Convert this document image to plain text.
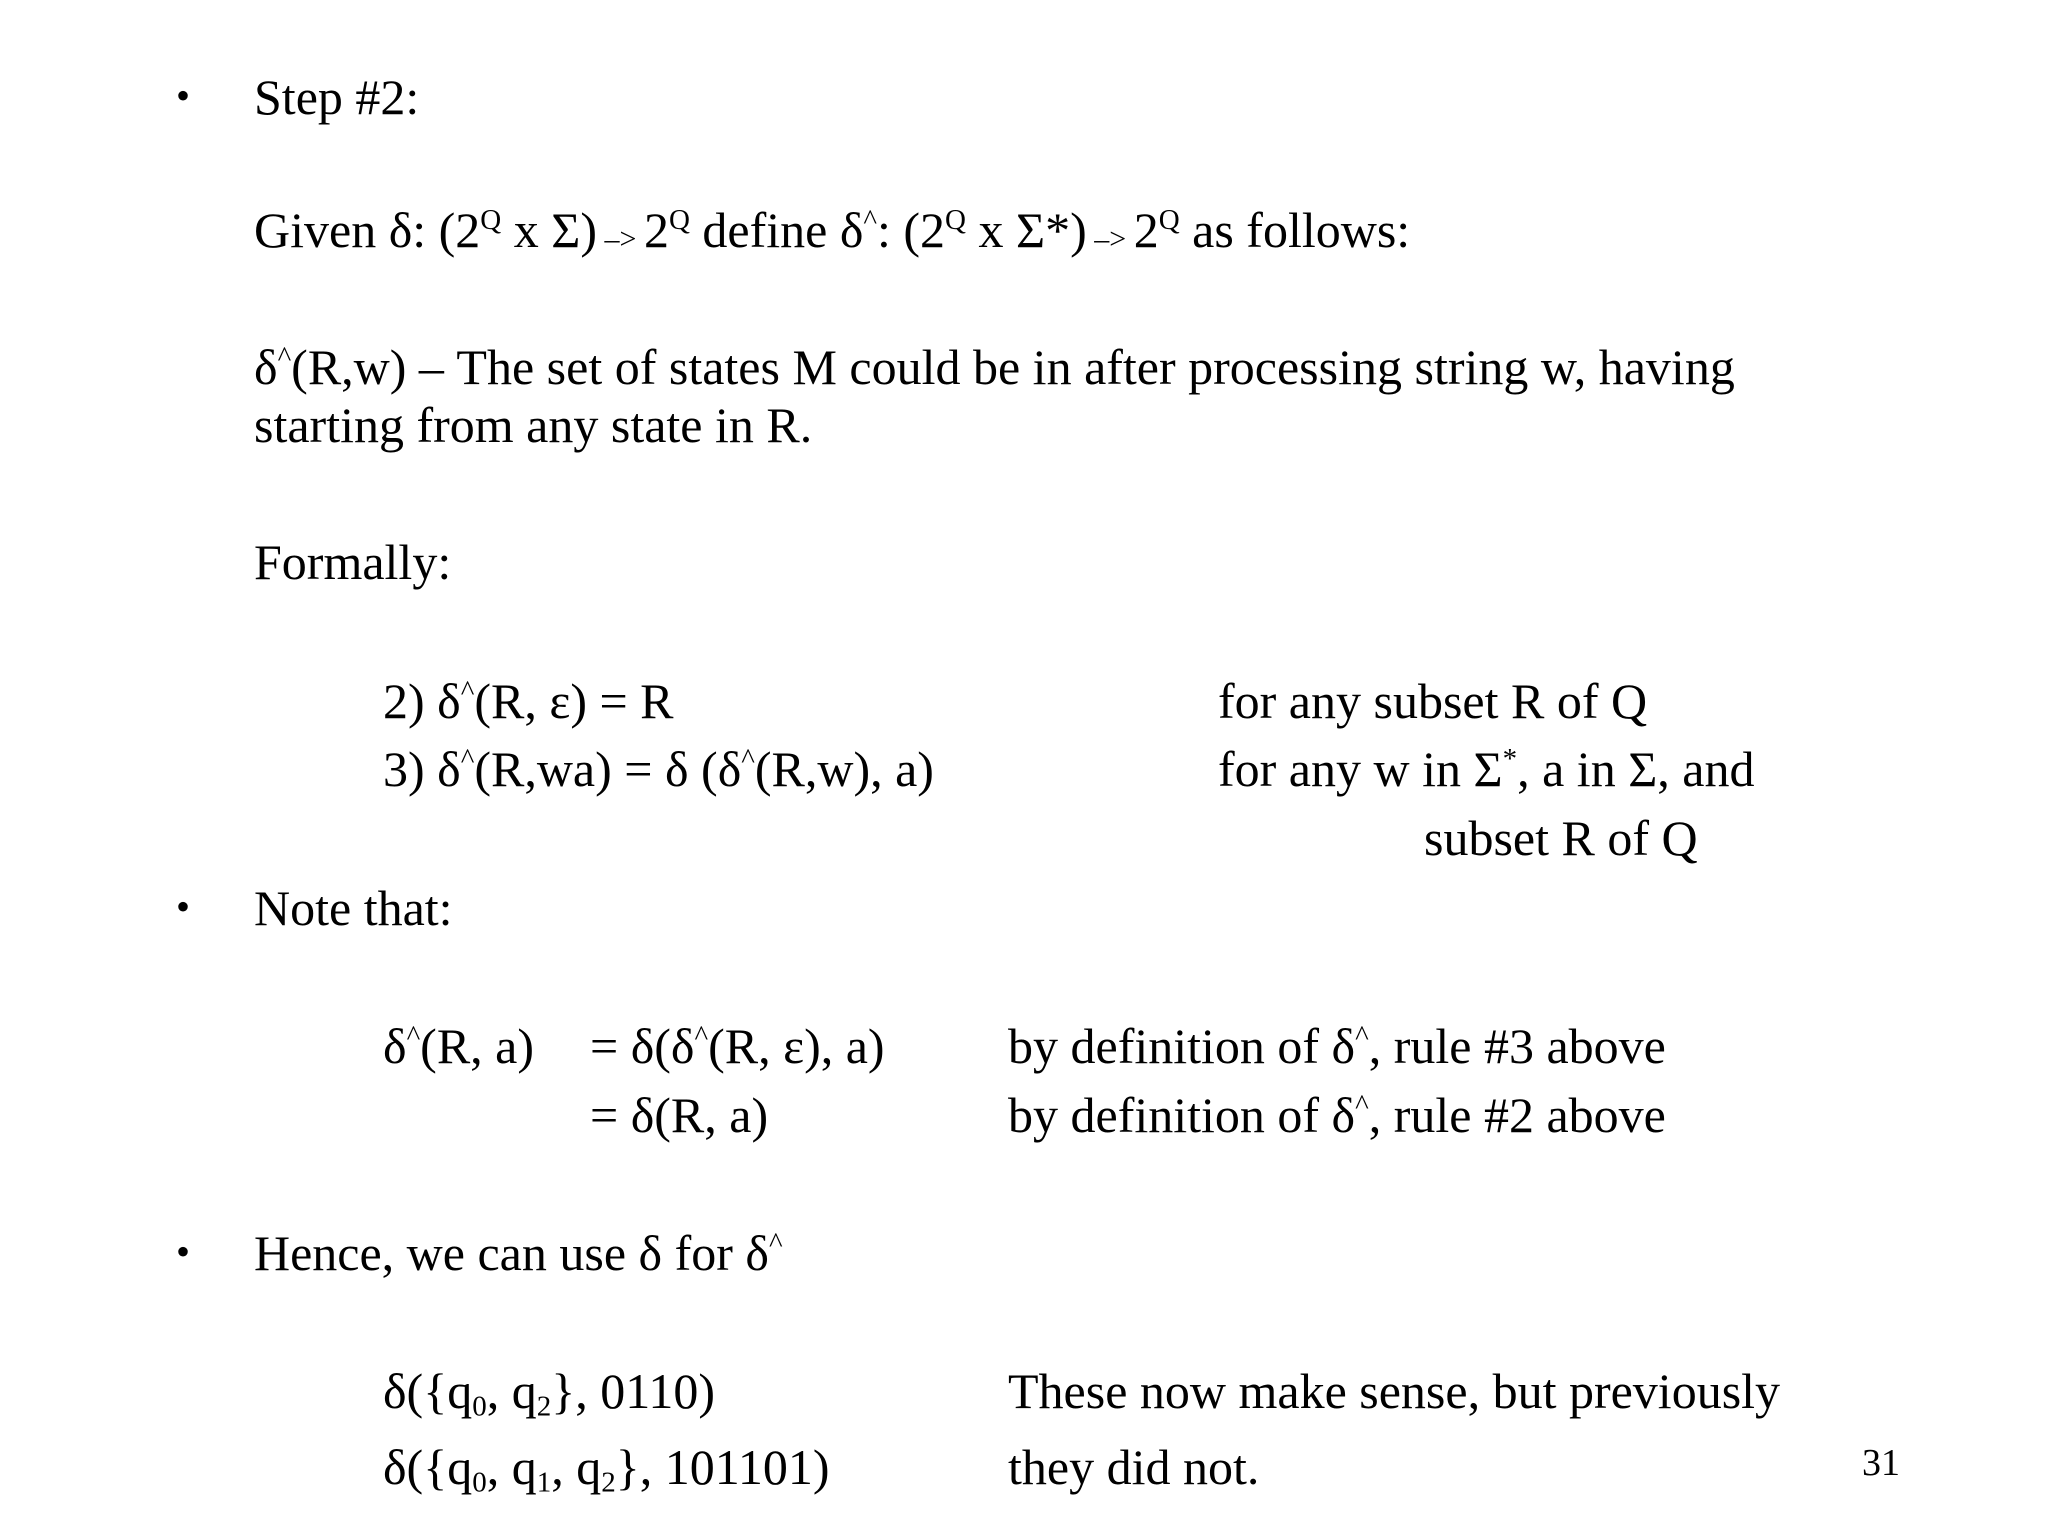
• Step #2:
Given δ: ($2^Q$ x $\Sigma) -> 2^Q$ define δ^: ($2^Q$ x $\Sigma*) -> 2^Q$ as follows:
δ^(R,w) – The set of states M could be in after processing string w, having
starting from any state in R.
Formally:
2) δ^(R, ε) = R	for any subset R of Q
3) δ^(R,wa) = δ (δ^(R,w), a)	for any w in Σ*, a in Σ, and
subset R of Q
• Note that:
δ^(R, a) = δ(δ^(R, ε), a) by definition of δ^, rule #3 above
= δ(R, a)	by definition of δ^, rule #2 above
• Hence, we can use δ for δ^
$\delta(\{q_0$, $q_2$}, 0110)	These now make sense, but previously
$\delta(\{q_0$, $q_1$, $q_2$}, 101101)	they did not.	31
